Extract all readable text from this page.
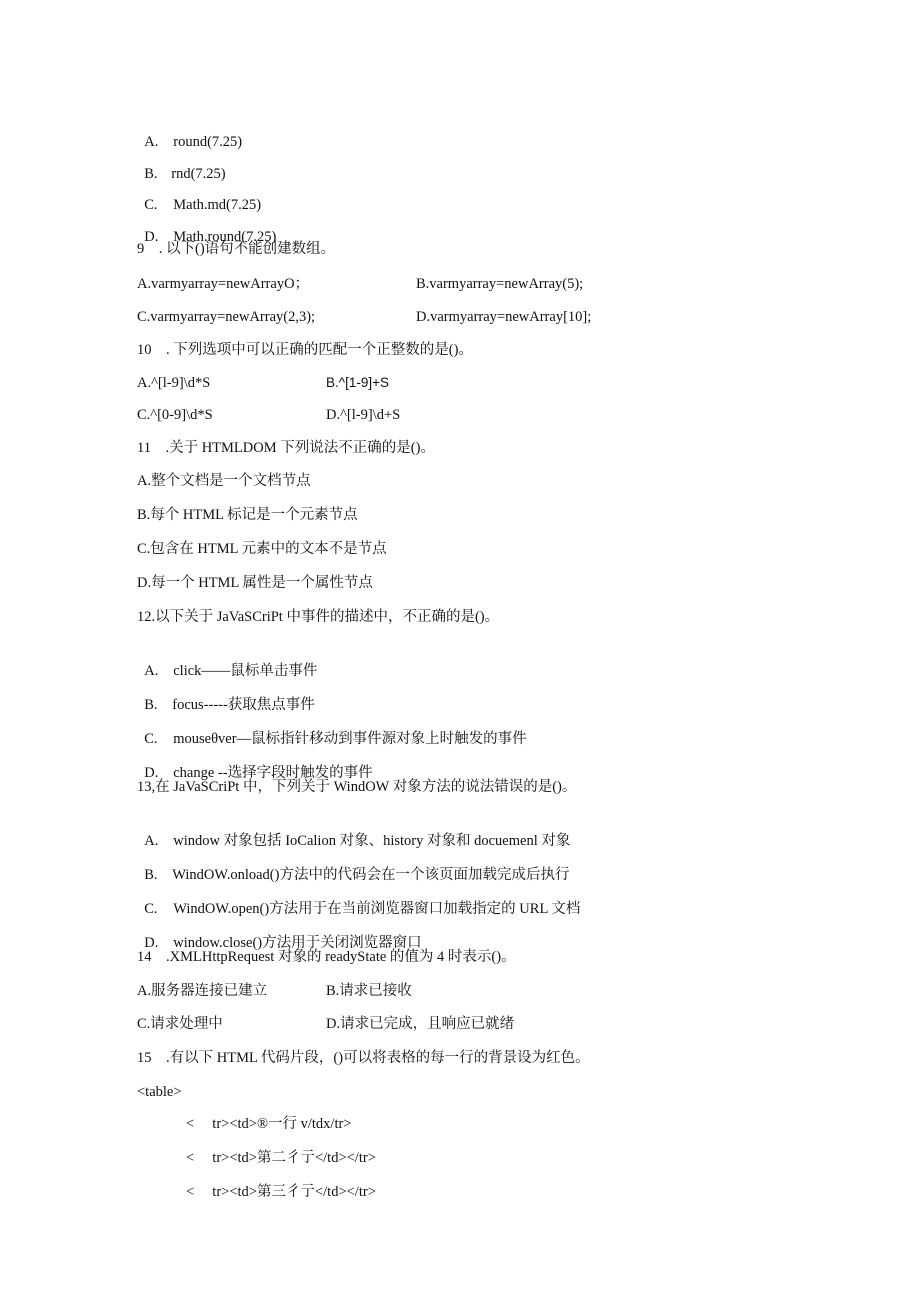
A. round(7.25)

B. rnd(7.25)

C. Math.md(7.25)

D. Math.round(7.25)

9　. 以下()语句不能创建数组。
A.varmyarray=newArrayO；	B.varmyarray=newArray(5);
C.varmyarray=newArray(2,3);	D.varmyarray=newArray[10];
10　. 下列选项中可以正确的匹配一个正整数的是()。
A.^[l-9]\d*S	B.^[1-9]+S
C.^[0-9]\d*S	D.^[l-9]\d+S
11　.关于 HTMLDOM 下列说法不正确的是()。
A.整个文档是一个文档节点
B.每个 HTML 标记是一个元素节点
C.包含在 HTML 元素中的文本不是节点
D.每一个 HTML 属性是一个属性节点
12.以下关于 JaVaSCriPt 中事件的描述中，不正确的是()。

A. click——鼠标单击事件

B. focus-----获取焦点事件

C. mouseθver—鼠标指针移动到事件源对象上时触发的事件

D. change --选择字段时触发的事件

13,在 JaVaSCriPt 中，下列关于 WindOW 对象方法的说法错误的是()。

A. window 对象包括 IoCalion 对象、history 对象和 docuemenl 对象

B. WindOW.onload()方法中的代码会在一个该页面加载完成后执行

C. WindOW.open()方法用于在当前浏览器窗口加载指定的 URL 文档

D. window.close()方法用于关闭浏览器窗口

14　.XMLHttpRequest 对象的 readyState 的值为 4 时表示()。
A.服务器连接已建立	B.请求已接收
C.请求处理中	D.请求已完成，且响应已就绪
15　.有以下 HTML 代码片段，()可以将表格的每一行的背景设为红色。
<table>
<　 tr><td>®一行 v/tdx/tr>
<　 tr><td>第二彳亍</td></tr>
<　 tr><td>第三彳亍</td></tr>
